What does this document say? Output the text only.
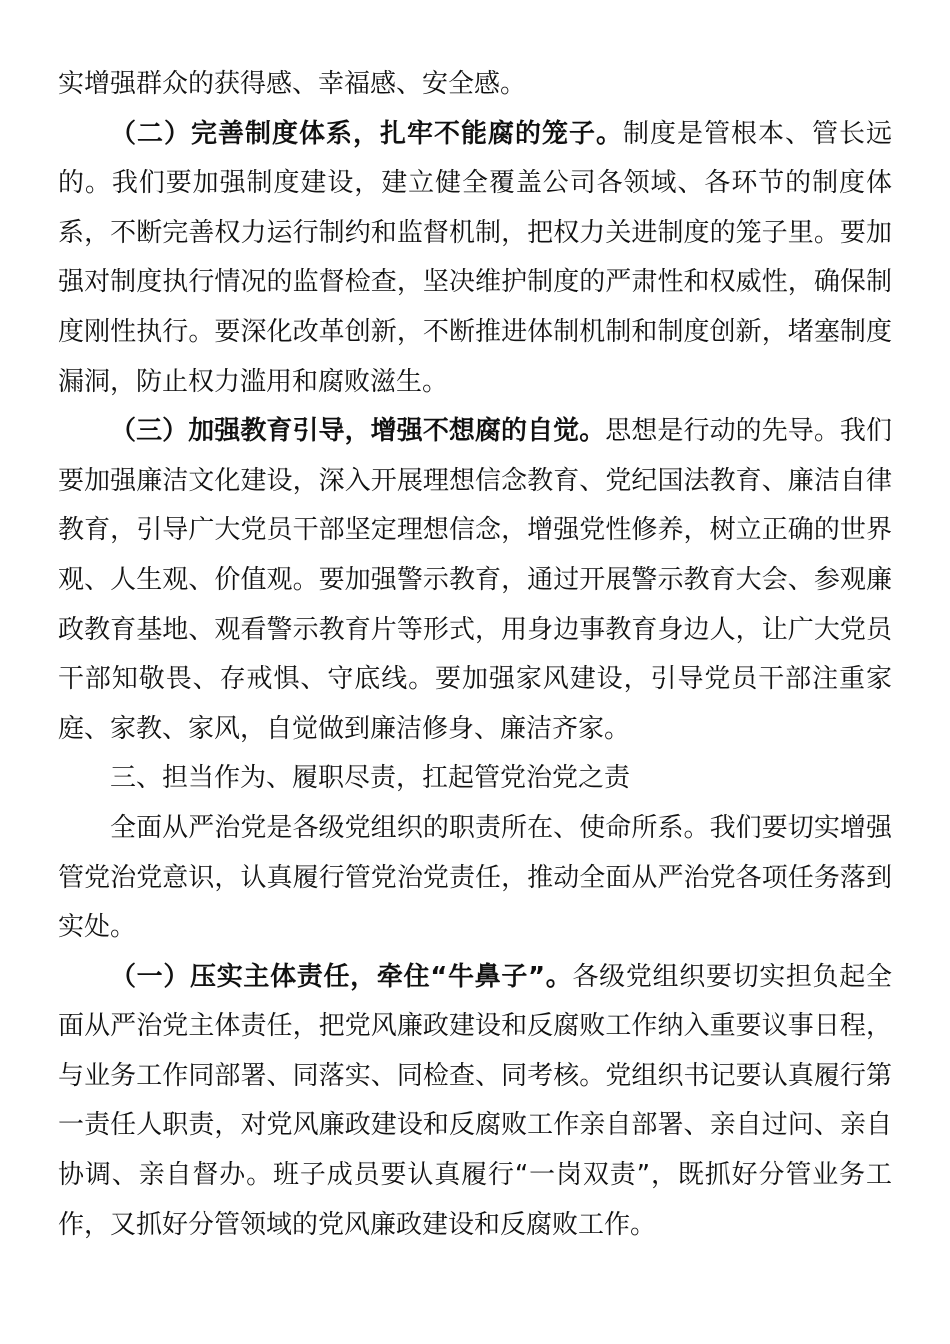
实增强群众的获得感、幸福感、安全感。

（二）完善制度体系，扎牢不能腐的笼子。制度是管根本、管长远的。我们要加强制度建设，建立健全覆盖公司各领域、各环节的制度体系，不断完善权力运行制约和监督机制，把权力关进制度的笼子里。要加强对制度执行情况的监督检查，坚决维护制度的严肃性和权威性，确保制度刚性执行。要深化改革创新，不断推进体制机制和制度创新，堵塞制度漏洞，防止权力滥用和腐败滋生。

（三）加强教育引导，增强不想腐的自觉。思想是行动的先导。我们要加强廉洁文化建设，深入开展理想信念教育、党纪国法教育、廉洁自律教育，引导广大党员干部坚定理想信念，增强党性修养，树立正确的世界观、人生观、价值观。要加强警示教育，通过开展警示教育大会、参观廉政教育基地、观看警示教育片等形式，用身边事教育身边人，让广大党员干部知敬畏、存戒惧、守底线。要加强家风建设，引导党员干部注重家庭、家教、家风，自觉做到廉洁修身、廉洁齐家。

三、担当作为、履职尽责，扛起管党治党之责

全面从严治党是各级党组织的职责所在、使命所系。我们要切实增强管党治党意识，认真履行管党治党责任，推动全面从严治党各项任务落到实处。

（一）压实主体责任，牵住“牛鼻子”。各级党组织要切实担负起全面从严治党主体责任，把党风廉政建设和反腐败工作纳入重要议事日程，与业务工作同部署、同落实、同检查、同考核。党组织书记要认真履行第一责任人职责，对党风廉政建设和反腐败工作亲自部署、亲自过问、亲自协调、亲自督办。班子成员要认真履行“一岗双责”，既抓好分管业务工作，又抓好分管领域的党风廉政建设和反腐败工作。
